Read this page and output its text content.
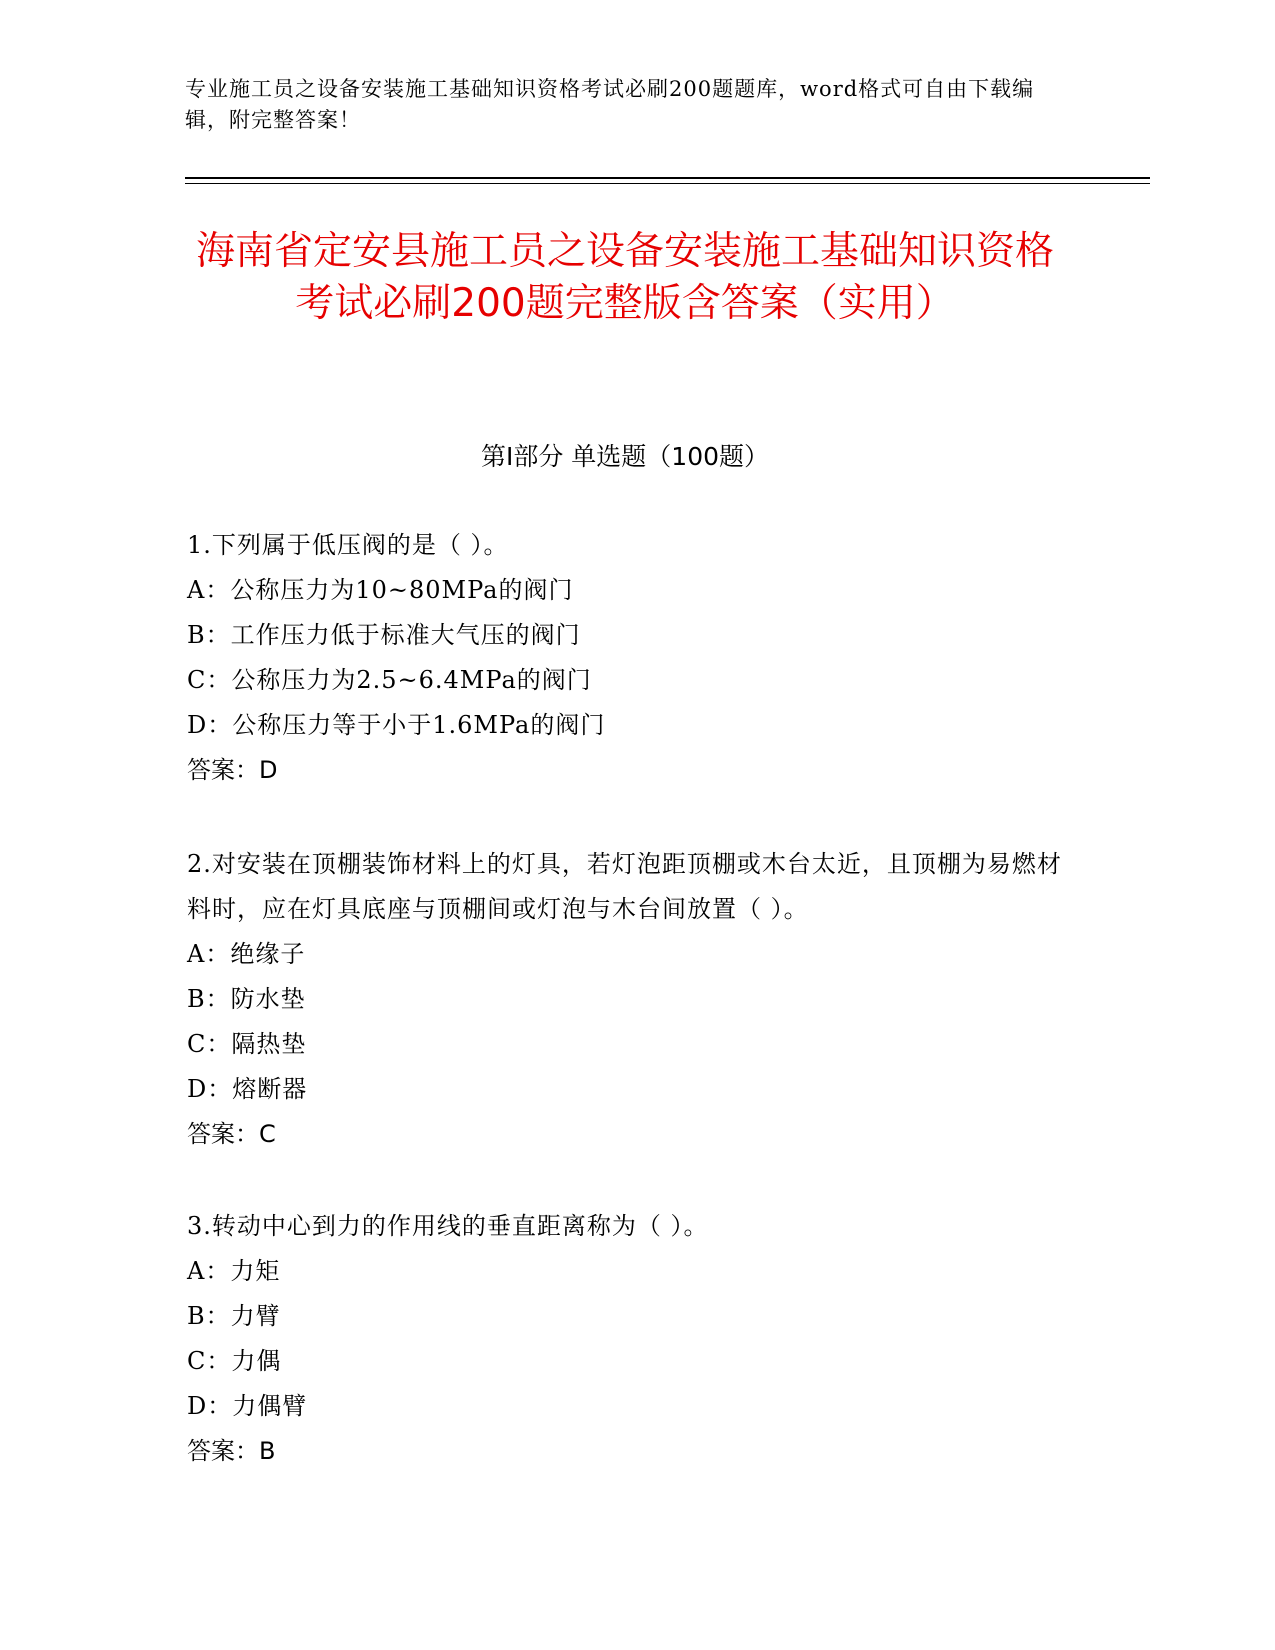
专业施工员之设备安装施工基础知识资格考试必刷200题题库，word格式可自由下载编辑，附完整答案！
海南省定安县施工员之设备安装施工基础知识资格考试必刷200题完整版含答案（实用）
第I部分 单选题（100题）
1.下列属于低压阀的是（ ）。
A：公称压力为10~80MPa的阀门
B：工作压力低于标准大气压的阀门
C：公称压力为2.5~6.4MPa的阀门
D：公称压力等于小于1.6MPa的阀门
答案：D
2.对安装在顶棚装饰材料上的灯具，若灯泡距顶棚或木台太近，且顶棚为易燃材料时，应在灯具底座与顶棚间或灯泡与木台间放置（ ）。
A：绝缘子
B：防水垫
C：隔热垫
D：熔断器
答案：C
3.转动中心到力的作用线的垂直距离称为（ ）。
A：力矩
B：力臂
C：力偶
D：力偶臂
答案：B
